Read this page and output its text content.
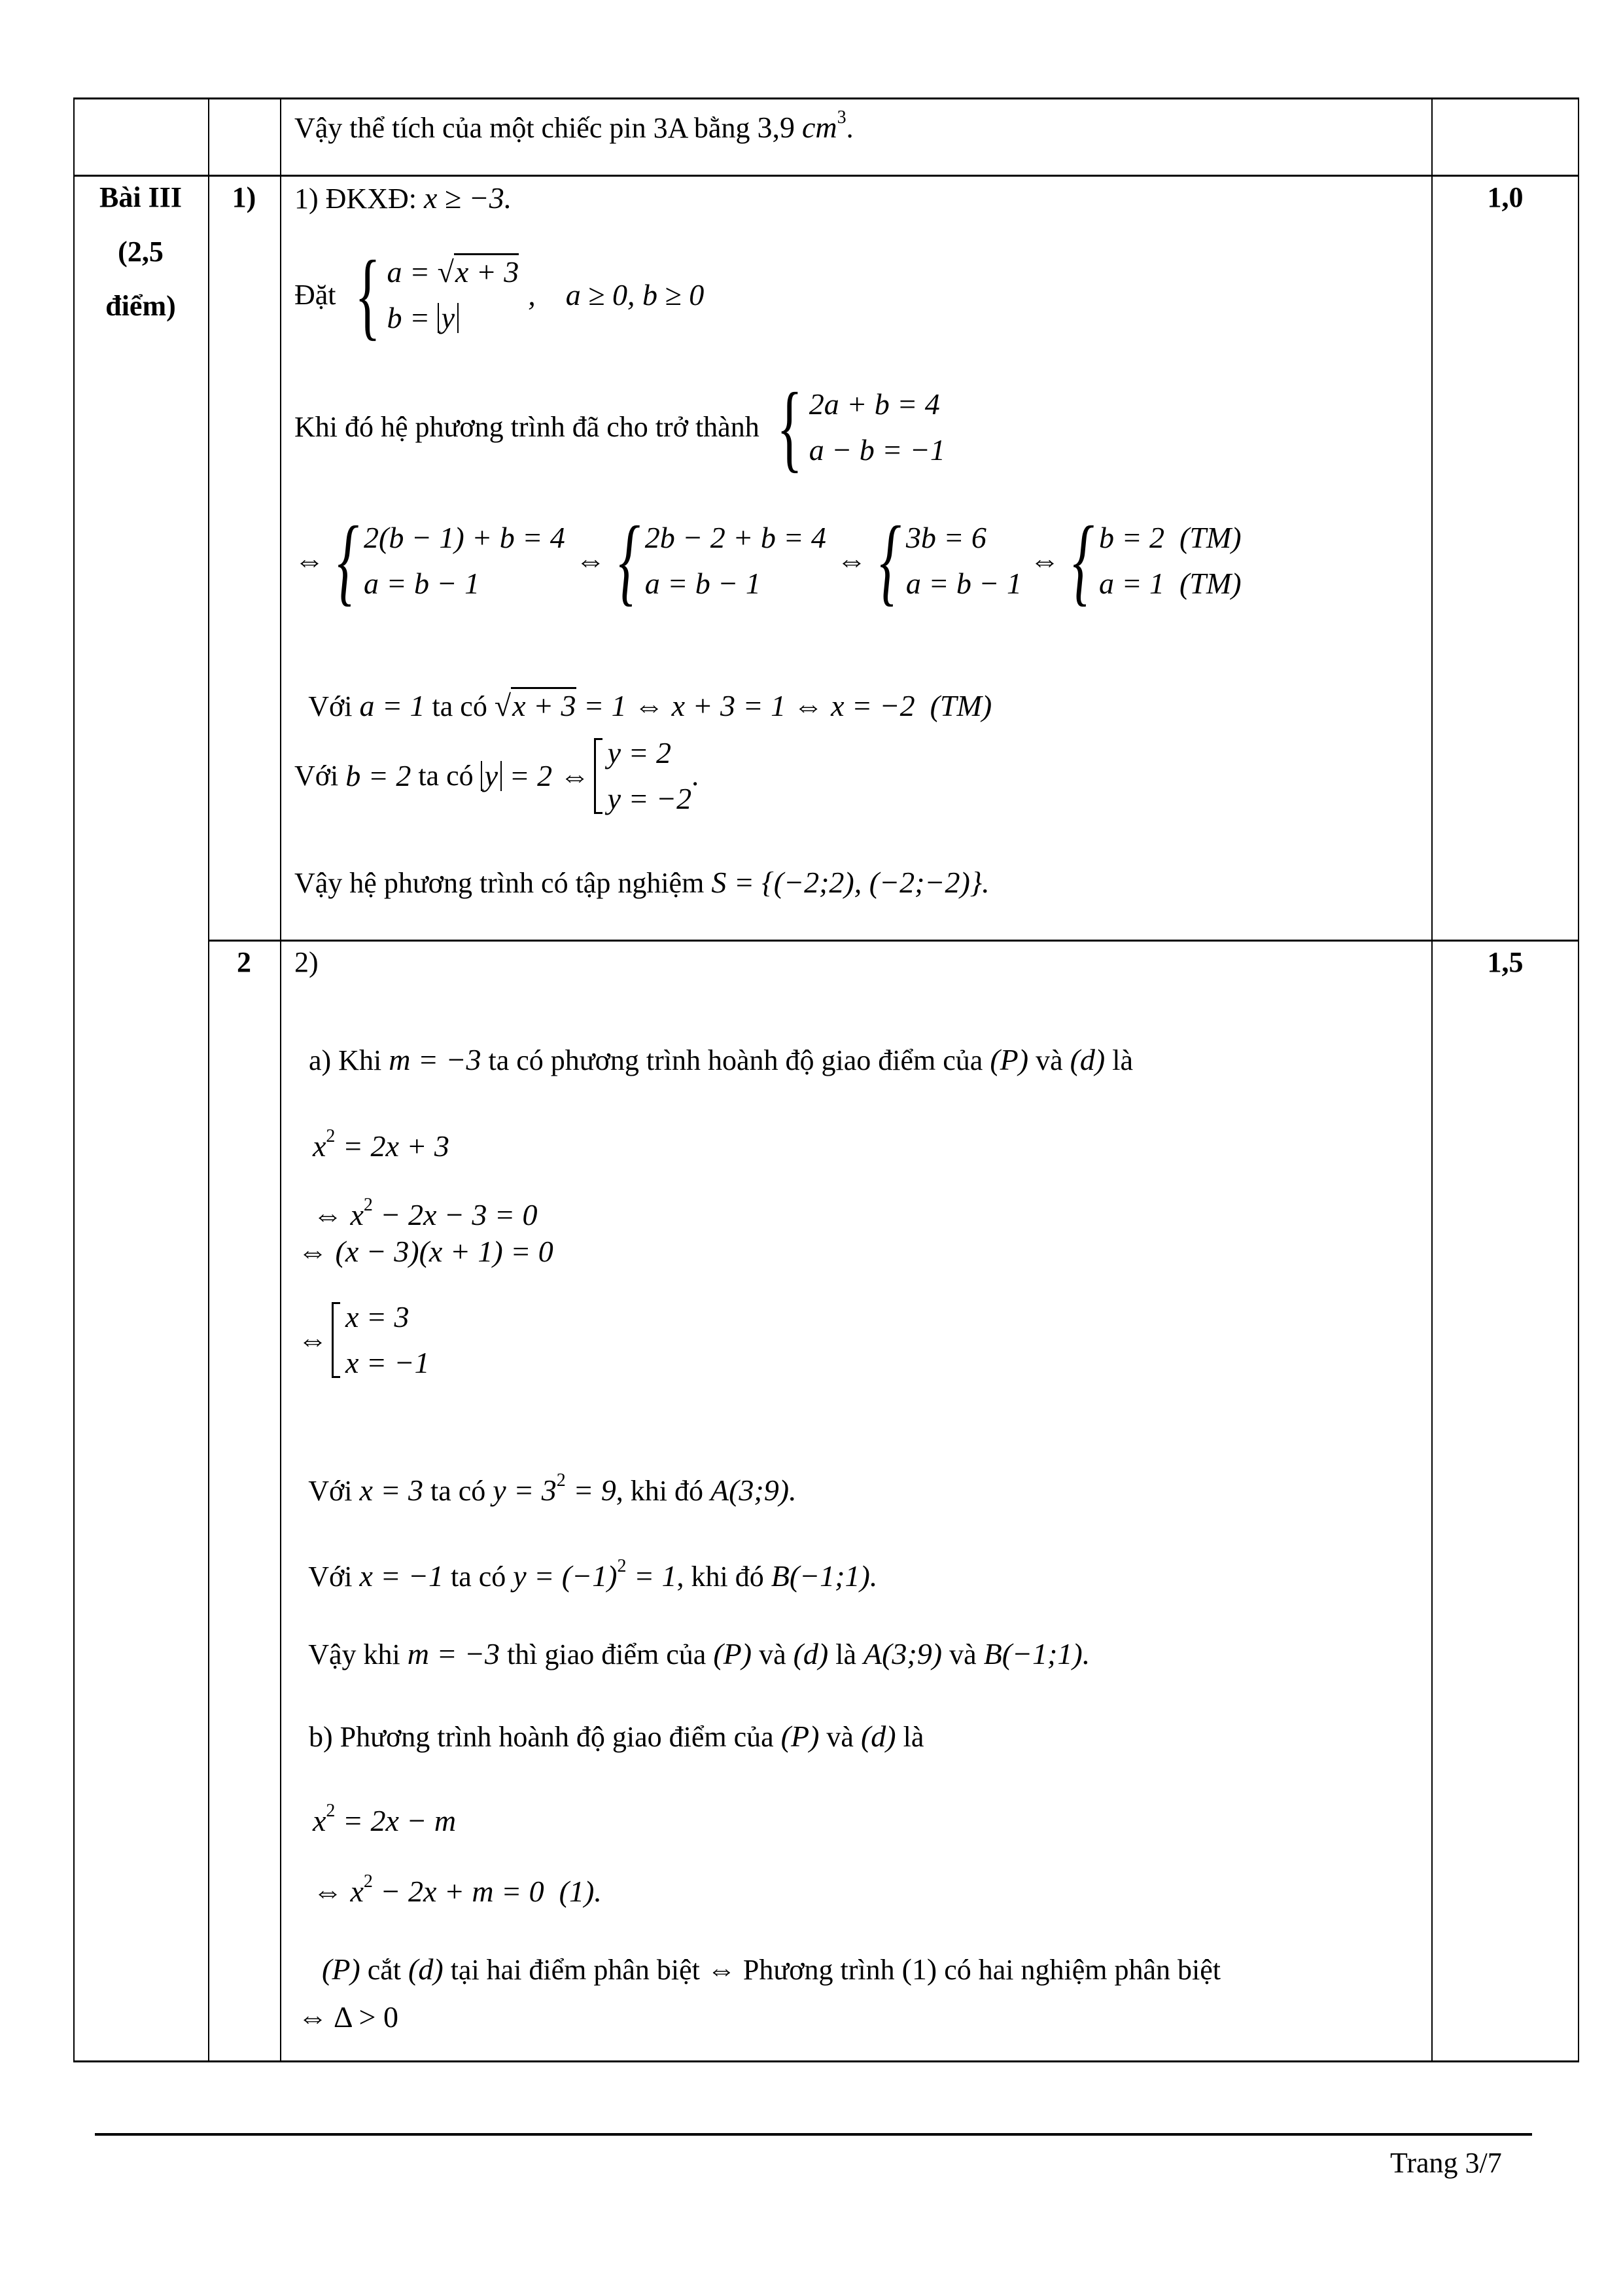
Vậy thể tích của một chiếc pin 3A bằng 3,9 $cm^3$.
Bài III
(2,5
điểm)
1)	1,0
1) ĐKXĐ: x ≥ −3.
Đặt { a = √x + 3
b = y
,    a ≥ 0, b ≥ 0
Khi đó hệ phương trình đã cho trở thành { 2a + b = 4
a − b = −1
⇔ { 2(b − 1) + b = 4
a = b − 1
⇔ { 2b − 2 + b = 4
a = b − 1
⇔ { 3b = 6
a = b − 1
⇔ { b = 2  (TM)
a = 1  (TM)

Với a = 1 ta có √x + 3 = 1 ⇔ x + 3 = 1 ⇔ x = −2  (TM)

Với b = 2 ta có y = 2 ⇔
y = 2
y = −2
.
Vậy hệ phương trình có tập nghiệm S = {(−2;2), (−2;−2)}.
2	1,5
2)

a) Khi m = −3 ta có phương trình hoành độ giao điểm của (P) và (d) là

$x^2 = 2x + 3$

⇔ $x^2 - 2x - 3 = 0$

⇔ (x − 3)(x + 1) = 0
⇔
x = 3
x = −1

Với x = 3 ta có $y = 3^2 = 9$, khi đó A(3;9).

Với x = −1 ta có $y = (-1)^2 = 1$, khi đó B(−1;1).

Vậy khi m = −3 thì giao điểm của (P) và (d) là A(3;9) và B(−1;1).

b) Phương trình hoành độ giao điểm của (P) và (d) là

$x^2 = 2x - m$

⇔ $x^2 - 2x + m = 0$  (1).

(P) cắt (d) tại hai điểm phân biệt ⇔ Phương trình (1) có hai nghiệm phân biệt

⇔ Δ > 0
Trang 3/7
